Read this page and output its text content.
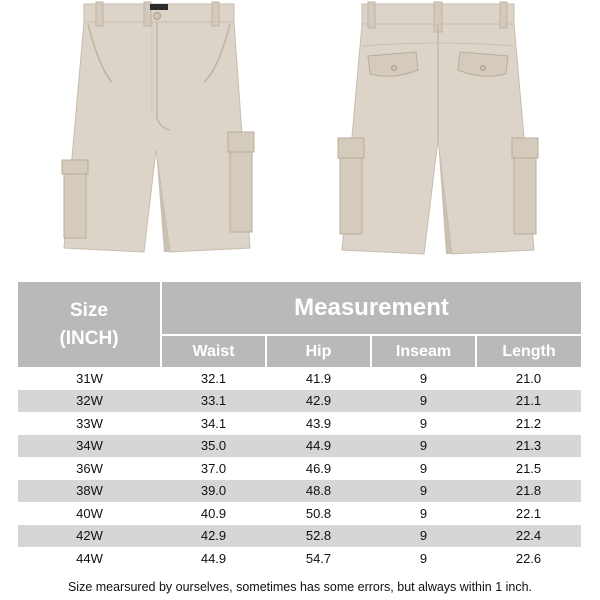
Size
(INCH)	Measurement			
	Waist	Hip	Inseam	Length
31W	32.1	41.9	9	21.0
32W	33.1	42.9	9	21.1
33W	34.1	43.9	9	21.2
34W	35.0	44.9	9	21.3
36W	37.0	46.9	9	21.5
38W	39.0	48.8	9	21.8
40W	40.9	50.8	9	22.1
42W	42.9	52.8	9	22.4
44W	44.9	54.7	9	22.6
Size mearsured by ourselves, sometimes has some errors, but always within 1 inch.
